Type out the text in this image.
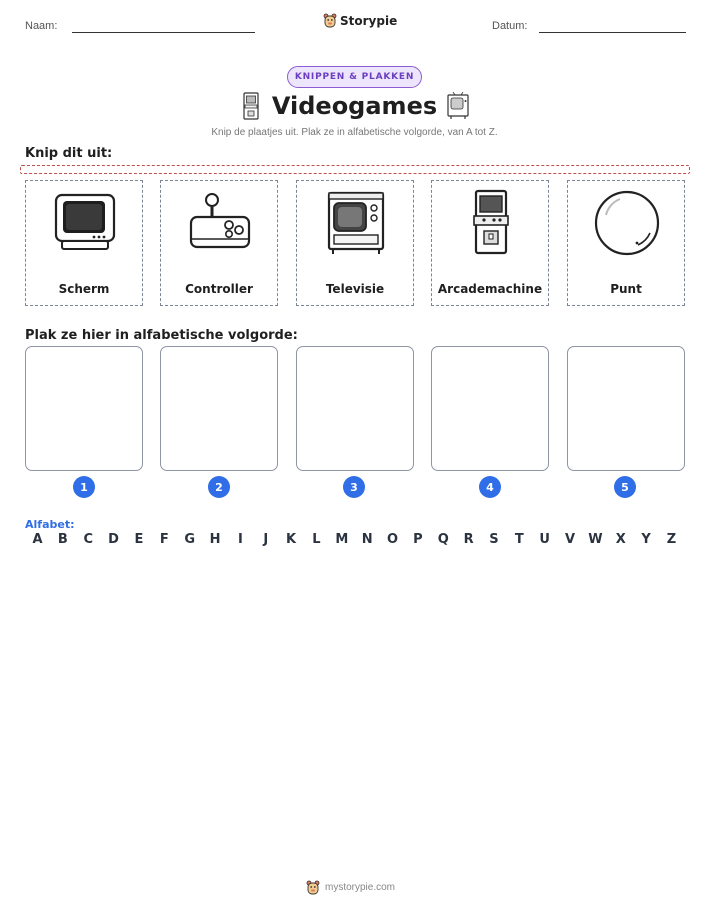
Naam:	Storypie	Datum:
KNIPPEN & PLAKKEN
Videogames
Knip de plaatjes uit. Plak ze in alfabetische volgorde, van A tot Z.
Knip dit uit:
Scherm	Controller	Televisie	Arcademachine	Punt
Plak ze hier in alfabetische volgorde:
1	2	3	4	5
Alfabet:
A	B	C	D	E	F	G	H	I	J	K	L	M	N	O	P	Q	R	S	T	U	V	W	X	Y	Z
mystorypie.com
